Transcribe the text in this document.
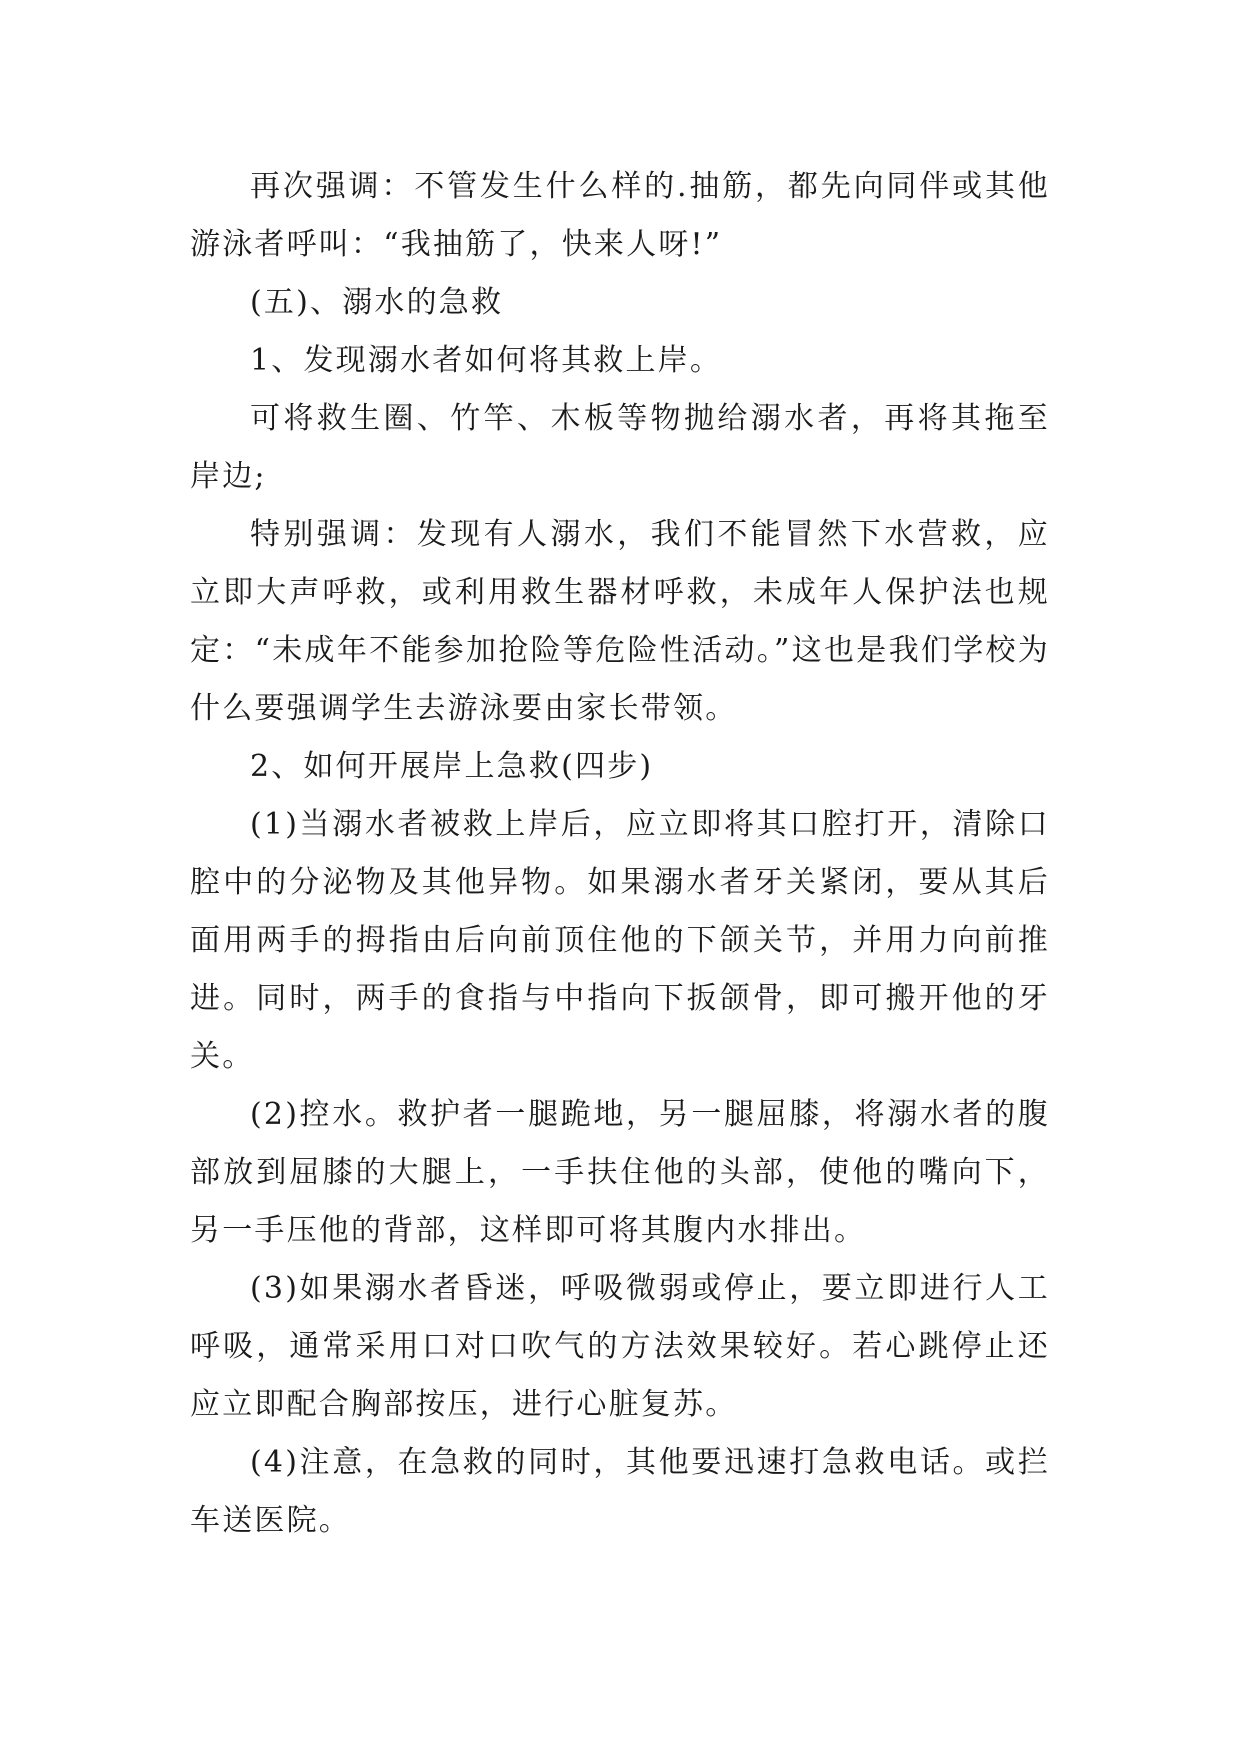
再次强调：不管发生什么样的.抽筋，都先向同伴或其他游泳者呼叫：“我抽筋了，快来人呀!”

(五)、溺水的急救

1、发现溺水者如何将其救上岸。

可将救生圈、竹竿、木板等物抛给溺水者，再将其拖至岸边;

特别强调：发现有人溺水，我们不能冒然下水营救，应立即大声呼救，或利用救生器材呼救，未成年人保护法也规定：“未成年不能参加抢险等危险性活动。”这也是我们学校为什么要强调学生去游泳要由家长带领。

2、如何开展岸上急救(四步)

(1)当溺水者被救上岸后，应立即将其口腔打开，清除口腔中的分泌物及其他异物。如果溺水者牙关紧闭，要从其后面用两手的拇指由后向前顶住他的下颌关节，并用力向前推进。同时，两手的食指与中指向下扳颌骨，即可搬开他的牙关。

(2)控水。救护者一腿跪地，另一腿屈膝，将溺水者的腹部放到屈膝的大腿上，一手扶住他的头部，使他的嘴向下，另一手压他的背部，这样即可将其腹内水排出。

(3)如果溺水者昏迷，呼吸微弱或停止，要立即进行人工呼吸，通常采用口对口吹气的方法效果较好。若心跳停止还应立即配合胸部按压，进行心脏复苏。

(4)注意，在急救的同时，其他要迅速打急救电话。或拦车送医院。
